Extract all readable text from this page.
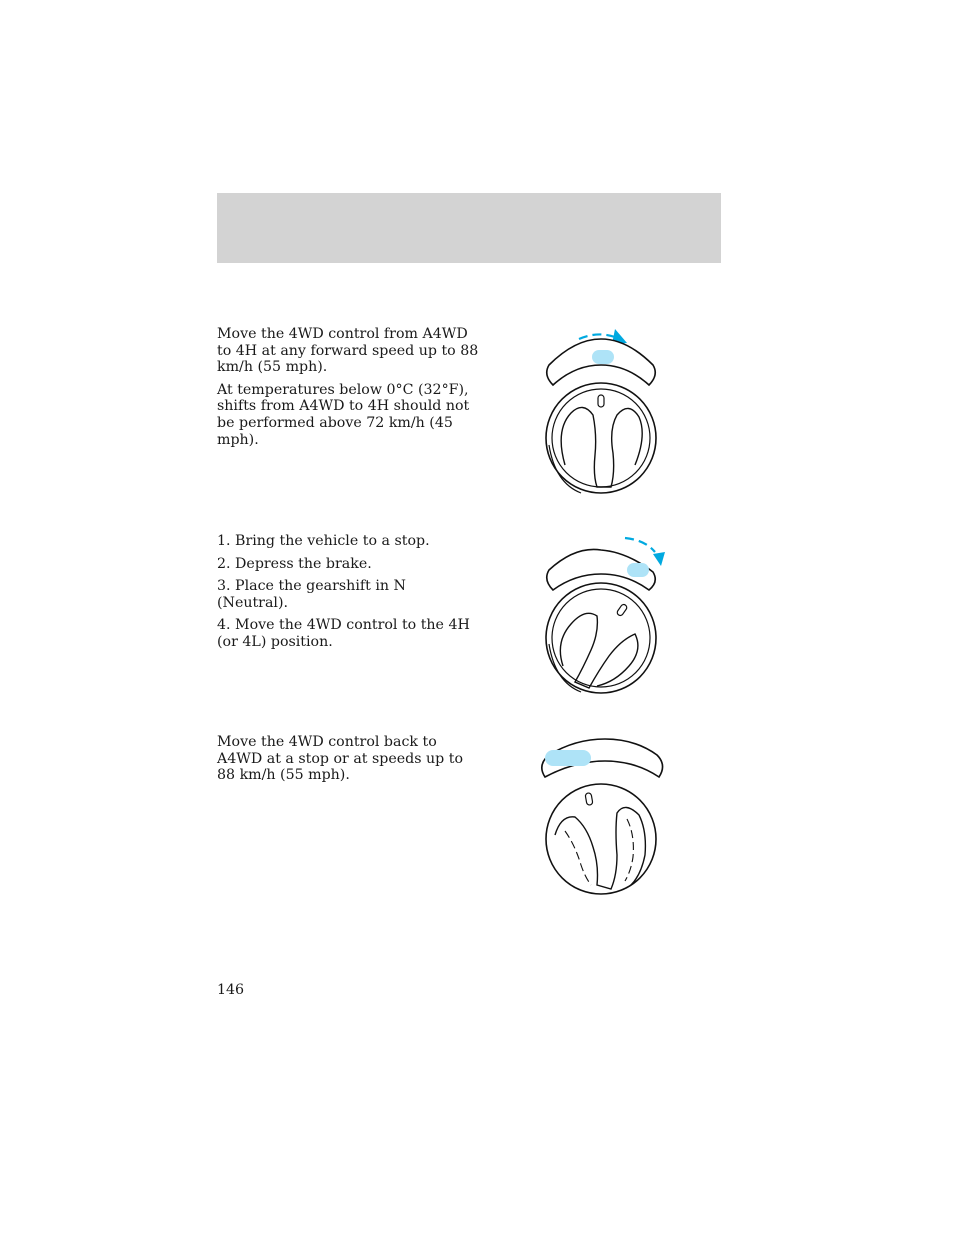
Move the 4WD control from A4WD to 4H at any forward speed up to 88 km/h (55 mph).

At temperatures below 0°C (32°F), shifts from A4WD to 4H should not be performed above 72 km/h (45 mph).

1. Bring the vehicle to a stop.

2. Depress the brake.

3. Place the gearshift in N (Neutral).

4. Move the 4WD control to the 4H (or 4L) position.

Move the 4WD control back to A4WD at a stop or at speeds up to 88 km/h (55 mph).

146
